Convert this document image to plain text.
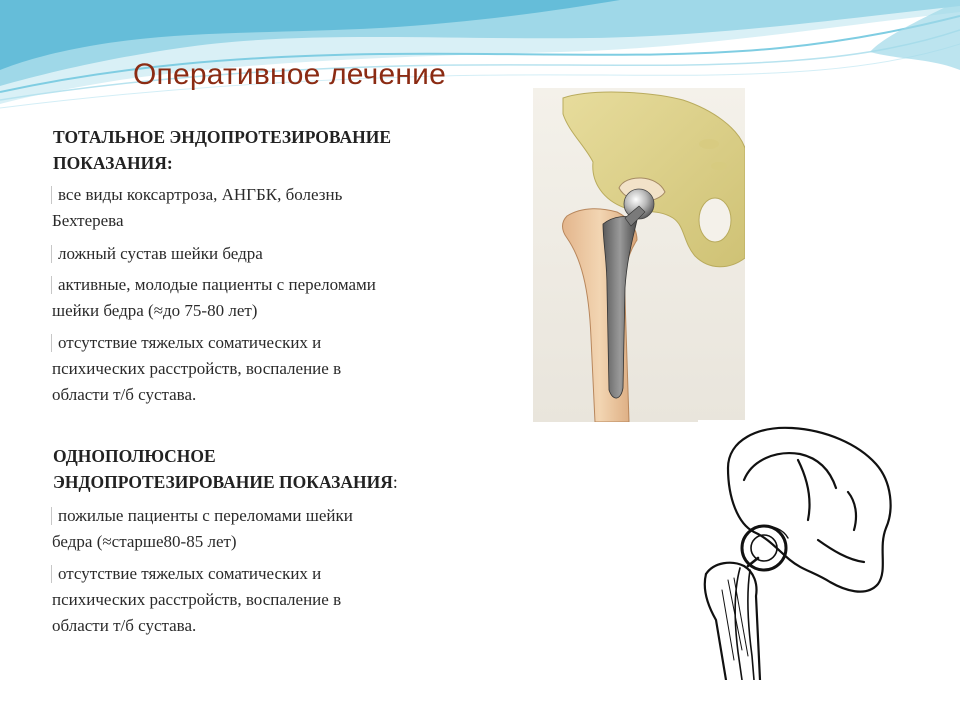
Оперативное лечение

ТОТАЛЬНОЕ ЭНДОПРОТЕЗИРОВАНИЕ
ПОКАЗАНИЯ:

все виды коксартроза, АНГБК, болезнь
Бехтерева

ложный сустав шейки бедра

активные, молодые пациенты с переломами
шейки бедра (≈до 75-80 лет)

отсутствие тяжелых соматических и
психических расстройств, воспаление в
области т/б сустава.

ОДНОПОЛЮСНОЕ
ЭНДОПРОТЕЗИРОВАНИЕ ПОКАЗАНИЯ:

пожилые пациенты с переломами шейки
бедра (≈старше80-85 лет)

отсутствие тяжелых соматических и
психических расстройств, воспаление в
области т/б сустава.
